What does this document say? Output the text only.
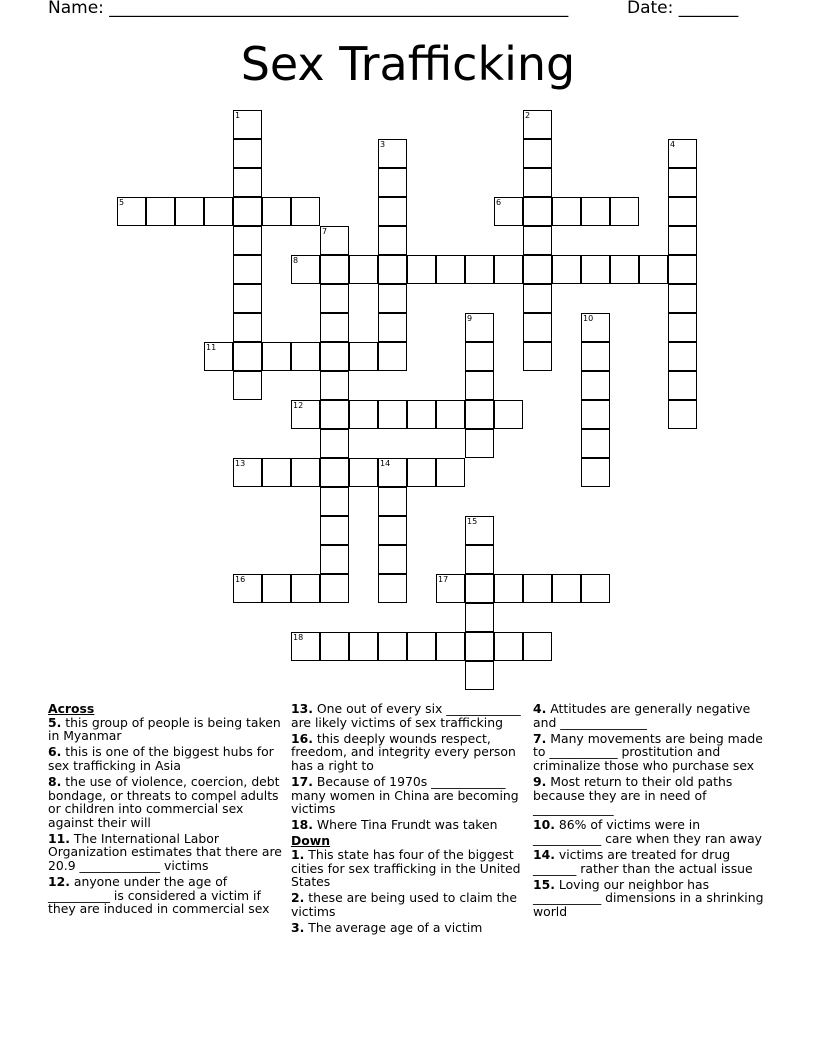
Name: ______________________________________________________	Date: _______
Sex Trafficking
1	2
3	4
5	6
7
8
9	10
11
12
13	14
15
16	17
18
Across
5. this group of people is being taken in Myanmar
6. this is one of the biggest hubs for sex trafficking in Asia
8. the use of violence, coercion, debt bondage, or threats to compel adults or children into commercial sex against their will
11. The International Labor Organization estimates that there are 20.9 _____________ victims
12. anyone under the age of __________ is considered a victim if they are induced in commercial sex
13. One out of every six ____________ are likely victims of sex trafficking
16. this deeply wounds respect, freedom, and integrity every person has a right to
17. Because of 1970s ____________ many women in China are becoming victims
18. Where Tina Frundt was taken
Down
1. This state has four of the biggest cities for sex trafficking in the United States
2. these are being used to claim the victims
3. The average age of a victim
4. Attitudes are generally negative and ______________
7. Many movements are being made to ___________ prostitution and criminalize those who purchase sex
9. Most return to their old paths because they are in need of _____________
10. 86% of victims were in ___________ care when they ran away
14. victims are treated for drug _______ rather than the actual issue
15. Loving our neighbor has ___________ dimensions in a shrinking world
